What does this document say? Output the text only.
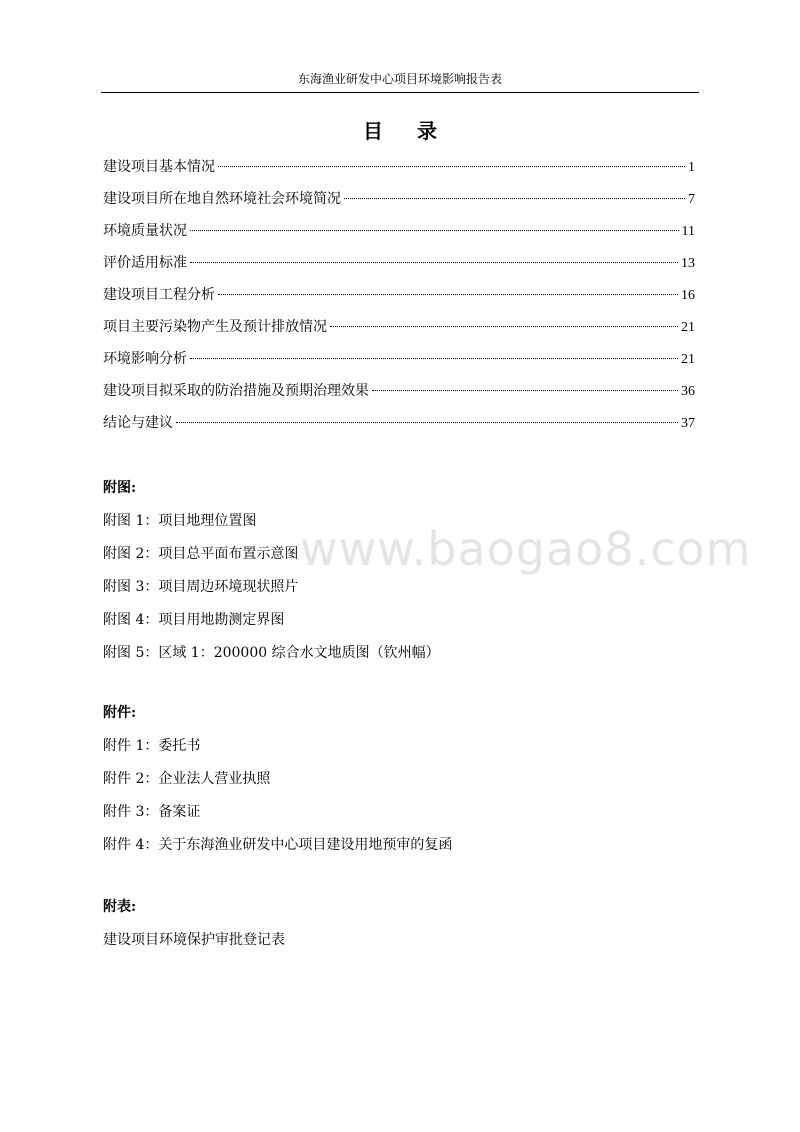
东海渔业研发中心项目环境影响报告表
目录
建设项目基本情况	1
建设项目所在地自然环境社会环境简况	7
环境质量状况	11
评价适用标准	13
建设项目工程分析	16
项目主要污染物产生及预计排放情况	21
环境影响分析	21
建设项目拟采取的防治措施及预期治理效果	36
结论与建议	37
www.baogao8.com
附图:
附图 1：项目地理位置图
附图 2：项目总平面布置示意图
附图 3：项目周边环境现状照片
附图 4：项目用地勘测定界图
附图 5：区域 1：200000 综合水文地质图（钦州幅）
附件:
附件 1：委托书
附件 2：企业法人营业执照
附件 3：备案证
附件 4：关于东海渔业研发中心项目建设用地预审的复函
附表:
建设项目环境保护审批登记表
